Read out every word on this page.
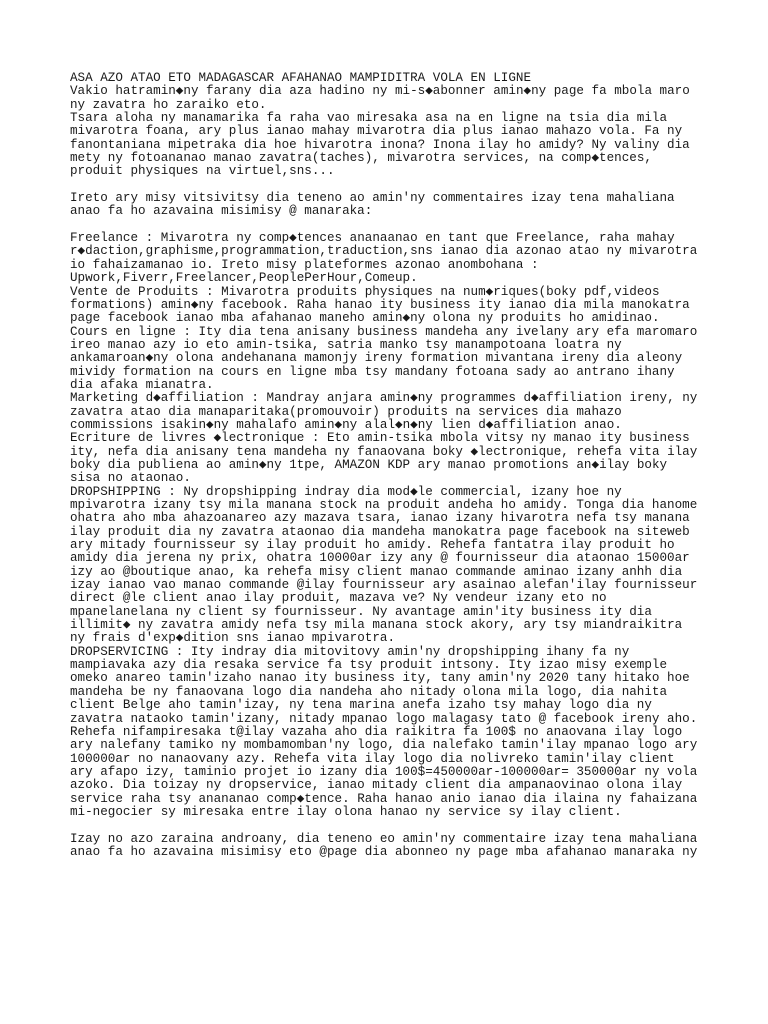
ASA AZO ATAO ETO MADAGASCAR AFAHANAO MAMPIDITRA VOLA EN LIGNE
Vakio hatramin◆ny farany dia aza hadino ny mi-s◆abonner amin◆ny page fa mbola maro
ny zavatra ho zaraiko eto.
Tsara aloha ny manamarika fa raha vao miresaka asa na en ligne na tsia dia mila
mivarotra foana, ary plus ianao mahay mivarotra dia plus ianao mahazo vola. Fa ny
fanontaniana mipetraka dia hoe hivarotra inona? Inona ilay ho amidy? Ny valiny dia
mety ny fotoananao manao zavatra(taches), mivarotra services, na comp◆tences,
produit physiques na virtuel,sns...
Ireto ary misy vitsivitsy dia teneno ao amin'ny commentaires izay tena mahaliana
anao fa ho azavaina misimisy @ manaraka:
Freelance : Mivarotra ny comp◆tences ananaanao en tant que Freelance, raha mahay
r◆daction,graphisme,programmation,traduction,sns ianao dia azonao atao ny mivarotra
io fahaizamanao io. Ireto misy plateformes azonao anombohana :
Upwork,Fiverr,Freelancer,PeoplePerHour,Comeup.
Vente de Produits : Mivarotra produits physiques na num◆riques(boky pdf,videos
formations) amin◆ny facebook. Raha hanao ity business ity ianao dia mila manokatra
page facebook ianao mba afahanao maneho amin◆ny olona ny produits ho amidinao.
Cours en ligne : Ity dia tena anisany business mandeha any ivelany ary efa maromaro
ireo manao azy io eto amin-tsika, satria manko tsy manampotoana loatra ny
ankamaroan◆ny olona andehanana mamonjy ireny formation mivantana ireny dia aleony
mividy formation na cours en ligne mba tsy mandany fotoana sady ao antrano ihany
dia afaka mianatra.
Marketing d◆affiliation : Mandray anjara amin◆ny programmes d◆affiliation ireny, ny
zavatra atao dia manaparitaka(promouvoir) produits na services dia mahazo
commissions isakin◆ny mahalafo amin◆ny alal◆n◆ny lien d◆affiliation anao.
Ecriture de livres ◆lectronique : Eto amin-tsika mbola vitsy ny manao ity business
ity, nefa dia anisany tena mandeha ny fanaovana boky ◆lectronique, rehefa vita ilay
boky dia publiena ao amin◆ny 1tpe, AMAZON KDP ary manao promotions an◆ilay boky
sisa no ataonao.
DROPSHIPPING : Ny dropshipping indray dia mod◆le commercial, izany hoe ny
mpivarotra izany tsy mila manana stock na produit andeha ho amidy. Tonga dia hanome
ohatra aho mba ahazoanareo azy mazava tsara, ianao izany hivarotra nefa tsy manana
ilay produit dia ny zavatra ataonao dia mandeha manokatra page facebook na siteweb
ary mitady fournisseur sy ilay produit ho amidy. Rehefa fantatra ilay produit ho
amidy dia jerena ny prix, ohatra 10000ar izy any @ fournisseur dia ataonao 15000ar
izy ao @boutique anao, ka rehefa misy client manao commande aminao izany anhh dia
izay ianao vao manao commande @ilay fournisseur ary asainao alefan'ilay fournisseur
direct @le client anao ilay produit, mazava ve? Ny vendeur izany eto no
mpanelanelana ny client sy fournisseur. Ny avantage amin'ity business ity dia
illimit◆ ny zavatra amidy nefa tsy mila manana stock akory, ary tsy miandraikitra
ny frais d'exp◆dition sns ianao mpivarotra.
DROPSERVICING : Ity indray dia mitovitovy amin'ny dropshipping ihany fa ny
mampiavaka azy dia resaka service fa tsy produit intsony. Ity izao misy exemple
omeko anareo tamin'izaho nanao ity business ity, tany amin'ny 2020 tany hitako hoe
mandeha be ny fanaovana logo dia nandeha aho nitady olona mila logo, dia nahita
client Belge aho tamin'izay, ny tena marina anefa izaho tsy mahay logo dia ny
zavatra nataoko tamin'izany, nitady mpanao logo malagasy tato @ facebook ireny aho.
Rehefa nifampiresaka t@ilay vazaha aho dia raikitra fa 100$ no anaovana ilay logo
ary nalefany tamiko ny mombamomban'ny logo, dia nalefako tamin'ilay mpanao logo ary
100000ar no nanaovany azy. Rehefa vita ilay logo dia nolivreko tamin'ilay client
ary afapo izy, taminio projet io izany dia 100$=450000ar-100000ar= 350000ar ny vola
azoko. Dia toizay ny dropservice, ianao mitady client dia ampanaovinao olona ilay
service raha tsy anananao comp◆tence. Raha hanao anio ianao dia ilaina ny fahaizana
mi-negocier sy miresaka entre ilay olona hanao ny service sy ilay client.
Izay no azo zaraina androany, dia teneno eo amin'ny commentaire izay tena mahaliana
anao fa ho azavaina misimisy eto @page dia abonneo ny page mba afahanao manaraka ny
